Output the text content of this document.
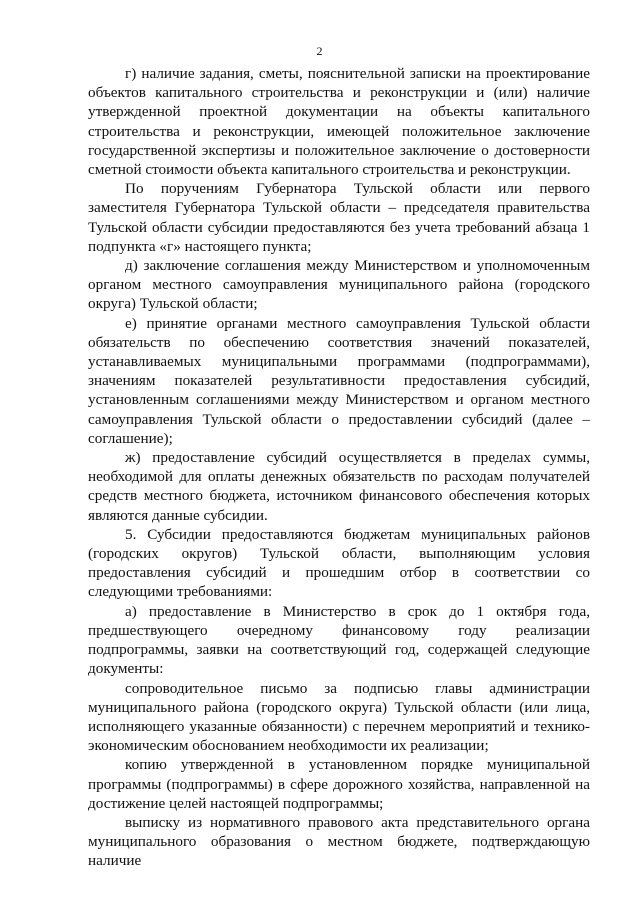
2

г) наличие задания, сметы, пояснительной записки на проектирование объектов капитального строительства и реконструкции и (или) наличие утвержденной проектной документации на объекты капитального строительства и реконструкции, имеющей положительное заключение государственной экспертизы и положительное заключение о достоверности сметной стоимости объекта капитального строительства и реконструкции.

По поручениям Губернатора Тульской области или первого заместителя Губернатора Тульской области – председателя правительства Тульской области субсидии предоставляются без учета требований абзаца 1 подпункта «г» настоящего пункта;

д) заключение соглашения между Министерством и уполномоченным органом местного самоуправления муниципального района (городского округа) Тульской области;

е) принятие органами местного самоуправления Тульской области обязательств по обеспечению соответствия значений показателей, устанавливаемых муниципальными программами (подпрограммами), значениям показателей результативности предоставления субсидий, установленным соглашениями между Министерством и органом местного самоуправления Тульской области о предоставлении субсидий (далее – соглашение);

ж) предоставление субсидий осуществляется в пределах суммы, необходимой для оплаты денежных обязательств по расходам получателей средств местного бюджета, источником финансового обеспечения которых являются данные субсидии.

5. Субсидии предоставляются бюджетам муниципальных районов (городских округов) Тульской области, выполняющим условия предоставления субсидий и прошедшим отбор в соответствии со следующими требованиями:

а) предоставление в Министерство в срок до 1 октября года, предшествующего очередному финансовому году реализации подпрограммы, заявки на соответствующий год, содержащей следующие документы:

сопроводительное письмо за подписью главы администрации муниципального района (городского округа) Тульской области (или лица, исполняющего указанные обязанности) с перечнем мероприятий и технико-экономическим обоснованием необходимости их реализации;

копию утвержденной в установленном порядке муниципальной программы (подпрограммы) в сфере дорожного хозяйства, направленной на достижение целей настоящей подпрограммы;

выписку из нормативного правового акта представительного органа муниципального образования о местном бюджете, подтверждающую наличие
